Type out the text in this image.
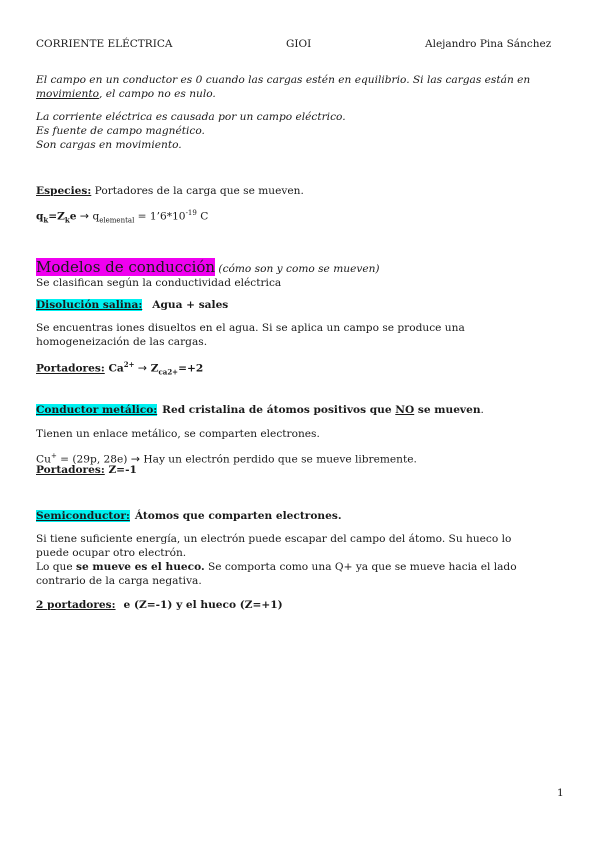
CORRIENTE ELÉCTRICA	GIOI	Alejandro Pina Sánchez
El campo en un conductor es 0 cuando las cargas estén en equilibrio. Si las cargas están en
movimiento, el campo no es nulo.
La corriente eléctrica es causada por un campo eléctrico.
Es fuente de campo magnético.
Son cargas en movimiento.
Especies: Portadores de la carga que se mueven.
$q_k=Z_ke \to q_{elemental}$ = $1’6*10^{-19}$ C
Modelos de conducción (cómo son y como se mueven)
Se clasifican según la conductividad eléctrica
Disolución salina: Agua + sales
Se encuentras iones disueltos en el agua. Si se aplica un campo se produce una
homogeneización de las cargas.
Portadores: $Ca^{2+} \to Z_{ca2+}=+2$
Conductor metálico: Red cristalina de átomos positivos que NO se mueven.
Tienen un enlace metálico, se comparten electrones.
Cu+ = (29p, 28e) → Hay un electrón perdido que se mueve libremente.
Portadores: Z=-1
Semiconductor: Átomos que comparten electrones.
Si tiene suficiente energía, un electrón puede escapar del campo del átomo. Su hueco lo
puede ocupar otro electrón.
Lo que se mueve es el hueco. Se comporta como una Q+ ya que se mueve hacia el lado
contrario de la carga negativa.
2 portadores: e (Z=-1) y el hueco (Z=+1)
1
